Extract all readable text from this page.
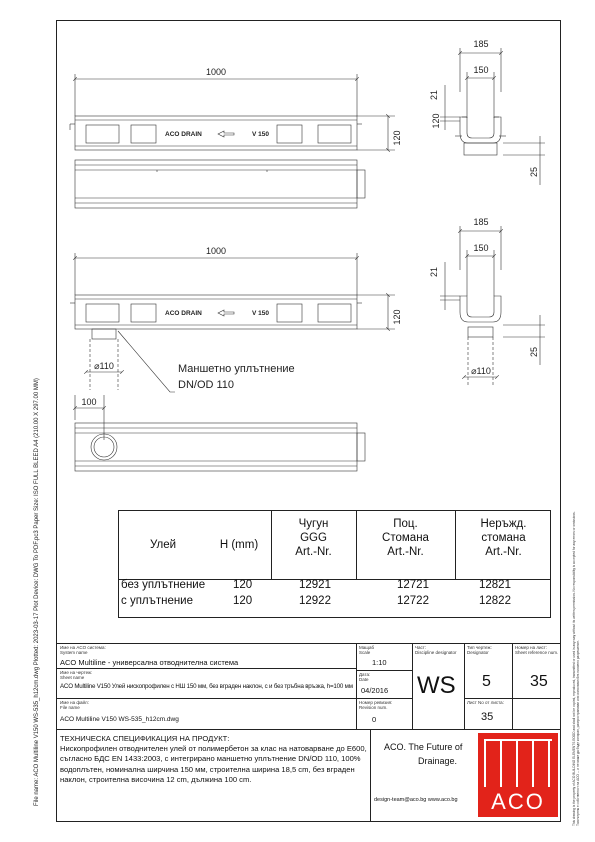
File name: ACO Multiline V150 WS-535_h12cm.dwg Plotted: 2023-03-17 Plot Device: DWG To PDF.pc3 Paper Size: ISO FULL BLEED A4 (210.00 X 297.00 MM)	This drawing is the property of ACO BUILDING ELEMENTS EOOD and shall not be copied, reproduced, transmitted or used in any way without its written permission. No responsibility is accepted for any errors or omissions. Този чертеж е собственост на АСО ... и не може да бъде копиран, разпространяван или използван без писмено разрешение.
1000
ACO DRAIN	V 150	120
185
150
21
120
25
1000
ACO DRAIN	V 150	120
⌀110
100
Маншетно уплътнение
DN/OD 110
185
150
21
25
⌀110
Улей	H (mm)
Чугун
GGG
Art.-Nr.
Поц.
Стомана
Art.-Nr.
Неръжд.
стомана
Art.-Nr.
без уплътнение 120	12921	12721	12821
с уплътнение	120	12922	12722	12822
Име на ACO система:
System name
ACO Multiline - универсална отводнителна система
Име на чертеж:
Sheet name
ACO Multiline V150 Улей нископрофилен с НШ 150 мм, без вграден наклон, с и без тръбна връзка, h=100 мм
Име на файл:
File name
ACO Multiline V150 WS-535_h12cm.dwg
Мащаб
Scale
1:10
Дата:
Date
04/2016
Номер ревизия:
Revision num.
0
Част:
Discipline designator
WS
Тип чертеж:
Designator
5
Номер на лист:
Sheet reference num.
35
Лист No от листа:
35
ТЕХНИЧЕСКА СПЕЦИФИКАЦИЯ НА ПРОДУКТ:
Нископрофилен отводнителен улей от полимербетон за клас на натоварване до E600, съгласно БДС EN 1433:2003, с интегрирано маншетно уплътнение DN/OD 110, 100% водоплътен, номинална ширчина 150 мм, строителна ширина 18,5 cm, без вграден наклон, строителна височина 12 cm, дължина 100 cm.
ACO. The Future of
Drainage.
design-team@aco.bg www.aco.bg ACO
